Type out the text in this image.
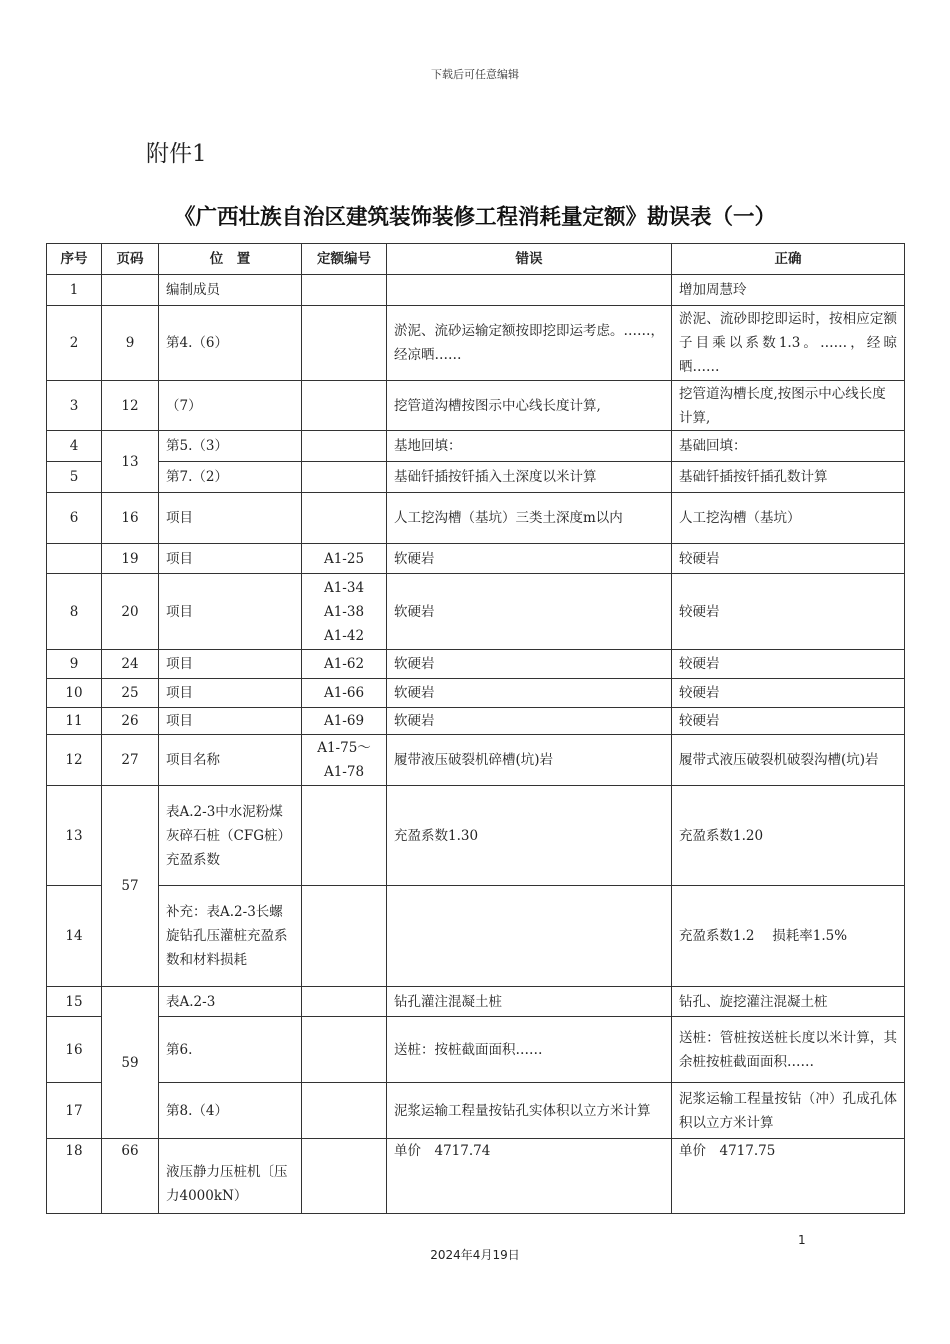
下载后可任意编辑
附件1
《广西壮族自治区建筑装饰装修工程消耗量定额》勘误表（一）
序号	页码	位　置	定额编号	错误	正确
1		编制成员			增加周慧玲
2	9	第4.（6）		淤泥、流砂运输定额按即挖即运考虑。……，经凉晒……	淤泥、流砂即挖即运时，按相应定额子目乘以系数1.3。……，经晾晒……
3	12	（7）		挖管道沟槽按图示中心线长度计算,	挖管道沟槽长度,按图示中心线长度计算,
4	13	第5.（3）		基地回填：	基础回填：
5		第7.（2）		基础钎插按钎插入土深度以米计算	基础钎插按钎插孔数计算
6	16	项目		人工挖沟槽（基坑）三类土深度m以内	人工挖沟槽（基坑）
	19	项目	A1-25	软硬岩	较硬岩
8	20	项目	A1-34
A1-38
A1-42	软硬岩	较硬岩
9	24	项目	A1-62	软硬岩	较硬岩
10	25	项目	A1-66	软硬岩	较硬岩
11	26	项目	A1-69	软硬岩	较硬岩
12	27	项目名称	A1-75～
A1-78	履带液压破裂机碎槽(坑)岩	履带式液压破裂机破裂沟槽(坑)岩
13	57	表A.2-3中水泥粉煤灰碎石桩（CFG桩）充盈系数		充盈系数1.30	充盈系数1.20
14		补充：表A.2-3长螺旋钻孔压灌桩充盈系数和材料损耗			充盈系数1.2　 损耗率1.5%
15	59	表A.2-3		钻孔灌注混凝土桩	钻孔、旋挖灌注混凝土桩
16		第6.		送桩：按桩截面面积……	送桩：管桩按送桩长度以米计算，其余桩按桩截面面积……
17		第8.（4）		泥浆运输工程量按钻孔实体积以立方米计算	泥浆运输工程量按钻（冲）孔成孔体积以立方米计算
18	66	液压静力压桩机〔压力4000kN）		单价　4717.74	单价　4717.75
1
2024年4月19日
